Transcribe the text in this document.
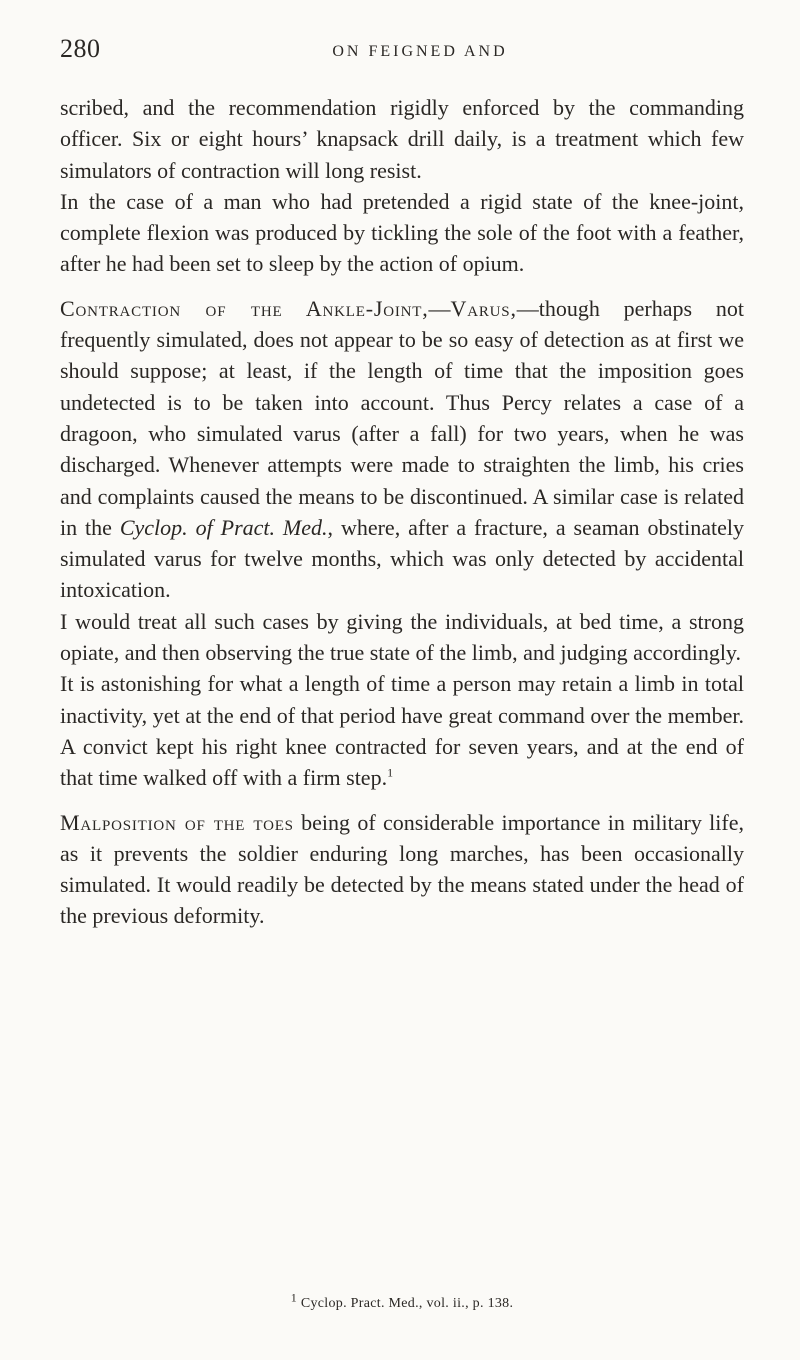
280	ON FEIGNED AND

scribed, and the recommendation rigidly enforced by the commanding officer. Six or eight hours’ knapsack drill daily, is a treatment which few simulators of contraction will long resist.

In the case of a man who had pretended a rigid state of the knee-joint, complete flexion was produced by tickling the sole of the foot with a feather, after he had been set to sleep by the action of opium.

Contraction of the Ankle-Joint,—Varus,—though perhaps not frequently simulated, does not appear to be so easy of detection as at first we should suppose; at least, if the length of time that the imposition goes undetected is to be taken into account. Thus Percy relates a case of a dragoon, who simulated varus (after a fall) for two years, when he was discharged. Whenever attempts were made to straighten the limb, his cries and complaints caused the means to be discontinued. A similar case is related in the Cyclop. of Pract. Med., where, after a fracture, a seaman obstinately simulated varus for twelve months, which was only detected by accidental intoxication.

I would treat all such cases by giving the individuals, at bed time, a strong opiate, and then observing the true state of the limb, and judging accordingly.

It is astonishing for what a length of time a person may retain a limb in total inactivity, yet at the end of that period have great command over the member. A convict kept his right knee contracted for seven years, and at the end of that time walked off with a firm step.$^1$

Malposition of the toes being of considerable importance in military life, as it prevents the soldier enduring long marches, has been occasionally simulated. It would readily be detected by the means stated under the head of the previous deformity.

$^1$ Cyclop. Pract. Med., vol. ii., p. 138.
